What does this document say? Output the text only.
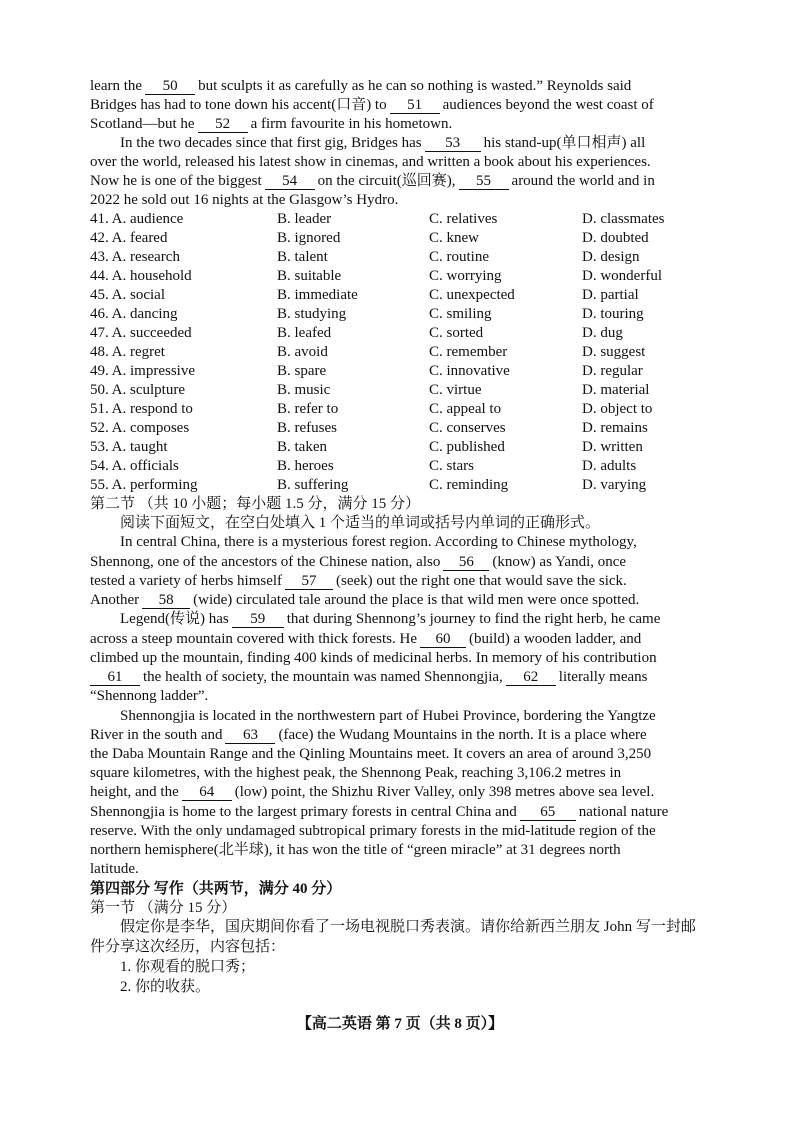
learn the 50 but sculpts it as carefully as he can so nothing is wasted.” Reynolds said
Bridges has had to tone down his accent(口音) to 51 audiences beyond the west coast of
Scotland—but he 52 a firm favourite in his hometown.
In the two decades since that first gig, Bridges has 53 his stand-up(单口相声) all
over the world, released his latest show in cinemas, and written a book about his experiences.
Now he is one of the biggest 54 on the circuit(巡回赛), 55 around the world and in
2022 he sold out 16 nights at the Glasgow’s Hydro.
41. A. audience	B. leader	C. relatives	D. classmates
42. A. feared	B. ignored	C. knew	D. doubted
43. A. research	B. talent	C. routine	D. design
44. A. household	B. suitable	C. worrying	D. wonderful
45. A. social	B. immediate	C. unexpected	D. partial
46. A. dancing	B. studying	C. smiling	D. touring
47. A. succeeded	B. leafed	C. sorted	D. dug
48. A. regret	B. avoid	C. remember	D. suggest
49. A. impressive	B. spare	C. innovative	D. regular
50. A. sculpture	B. music	C. virtue	D. material
51. A. respond to	B. refer to	C. appeal to	D. object to
52. A. composes	B. refuses	C. conserves	D. remains
53. A. taught	B. taken	C. published	D. written
54. A. officials	B. heroes	C. stars	D. adults
55. A. performing	B. suffering	C. reminding	D. varying
第二节 （共 10 小题；每小题 1.5 分，满分 15 分）
阅读下面短文，在空白处填入 1 个适当的单词或括号内单词的正确形式。
In central China, there is a mysterious forest region. According to Chinese mythology,
Shennong, one of the ancestors of the Chinese nation, also 56 (know) as Yandi, once
tested a variety of herbs himself 57 (seek) out the right one that would save the sick.
Another 58 (wide) circulated tale around the place is that wild men were once spotted.
Legend(传说) has 59 that during Shennong’s journey to find the right herb, he came
across a steep mountain covered with thick forests. He 60 (build) a wooden ladder, and
climbed up the mountain, finding 400 kinds of medicinal herbs. In memory of his contribution
61 the health of society, the mountain was named Shennongjia, 62 literally means
“Shennong ladder”.
Shennongjia is located in the northwestern part of Hubei Province, bordering the Yangtze
River in the south and 63 (face) the Wudang Mountains in the north. It is a place where
the Daba Mountain Range and the Qinling Mountains meet. It covers an area of around 3,250
square kilometres, with the highest peak, the Shennong Peak, reaching 3,106.2 metres in
height, and the 64 (low) point, the Shizhu River Valley, only 398 metres above sea level.
Shennongjia is home to the largest primary forests in central China and 65 national nature
reserve. With the only undamaged subtropical primary forests in the mid-latitude region of the
northern hemisphere(北半球), it has won the title of “green miracle” at 31 degrees north
latitude.
第四部分 写作（共两节，满分 40 分）
第一节 （满分 15 分）
假定你是李华，国庆期间你看了一场电视脱口秀表演。请你给新西兰朋友 John 写一封邮
件分享这次经历，内容包括：
1. 你观看的脱口秀；
2. 你的收获。
【高二英语 第 7 页（共 8 页）】
